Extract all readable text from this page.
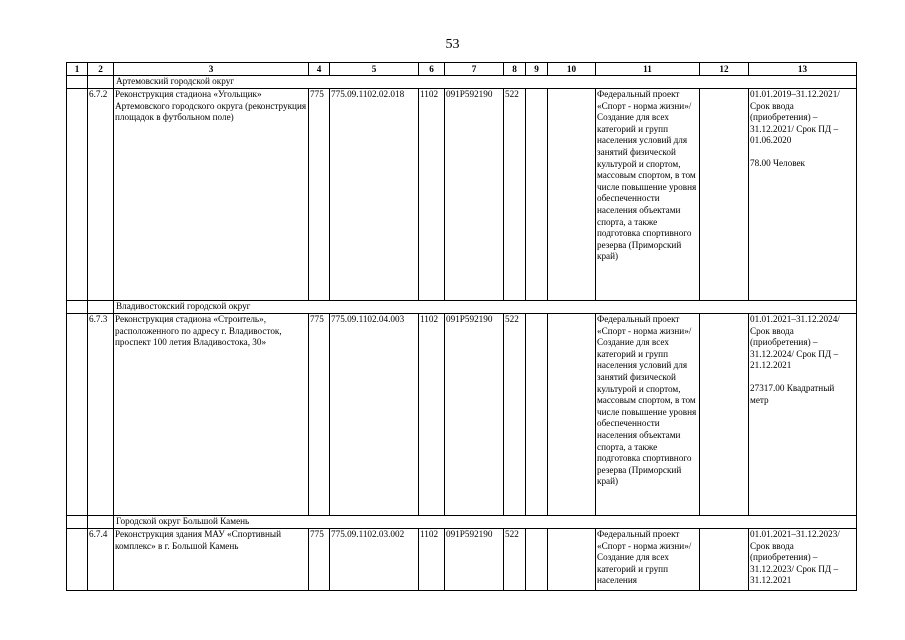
53
1	2	3	4	5	6	7	8	9	10	11	12	13
		Артемовский городской округ										
	6.7.2	Реконструкция стадиона «Угольщик» Артемовского городского округа (реконструкция площадок в футбольном поле)	775	775.09.1102.02.018	1102	091P592190	522			Федеральный проект «Спорт - норма жизни»/Создание для всех категорий и групп населения условий для занятий физической культурой и спортом, массовым спортом, в том числе повышение уровня обеспеченности населения объектами спорта, а также подготовка спортивного резерва (Приморский край)		01.01.2019–31.12.2021/ Срок ввода (приобретения) – 31.12.2021/ Срок ПД – 01.06.2020
78.00 Человек
		Владивостокский городской округ										
	6.7.3	Реконструкция стадиона «Строитель», расположенного по адресу г. Владивосток, проспект 100 летия Владивостока, 30»	775	775.09.1102.04.003	1102	091P592190	522			Федеральный проект «Спорт - норма жизни»/Создание для всех категорий и групп населения условий для занятий физической культурой и спортом, массовым спортом, в том числе повышение уровня обеспеченности населения объектами спорта, а также подготовка спортивного резерва (Приморский край)		01.01.2021–31.12.2024/ Срок ввода (приобретения) – 31.12.2024/ Срок ПД – 21.12.2021
27317.00 Квадратный метр
		Городской округ Большой Камень										
	6.7.4	Реконструкция здания МАУ «Спортивный комплекс» в г. Большой Камень	775	775.09.1102.03.002	1102	091P592190	522			Федеральный проект «Спорт - норма жизни»/Создание для всех категорий и групп населения		01.01.2021–31.12.2023/ Срок ввода (приобретения) – 31.12.2023/ Срок ПД – 31.12.2021
